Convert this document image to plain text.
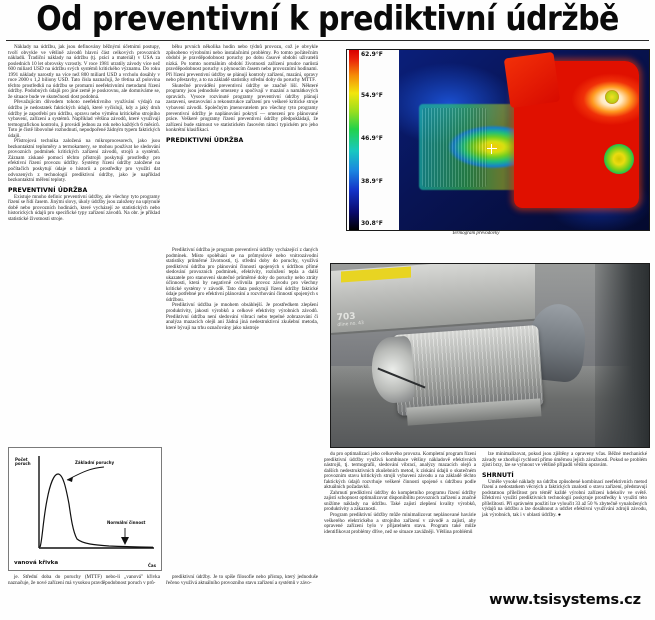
Od preventivní k prediktivní údržbě

Náklady na údržbu, jak jsou definovány běžnými účetními postupy, tvoří obvykle ve většině závodů hlavní část celkových provozních nákladů. Tradiční náklady na údržbu (tj. práci a materiál) v USA za posledních 10 let obrovsky vzrostly. V roce 1981 utratily závody více než 600 miliard USD na údržbu svých systémů kritického významu. Do roku 1991 náklady narostly na více než 800 miliard USD a vrcholu dosáhly v roce 2000 s 1,2 biliony USD. Tato čísla naznačují, že třetina až polovina těchto prostředků na údržbu se promarní neefektivními metodami řízení údržby. Podobných údajů pro jiné země je poskrovnu, ale domníváme se, že situace bude ve skutečnosti dost podobná.

Převažujícím důvodem tohoto neefektivního využívání výdajů na údržbu je nedostatek faktických údajů, které vyčíslují, kdy a jaký druh údržby je zapotřebí pro údržbu, opravu nebo výměnu kritického strojního vybavení, zařízení a systémů. Například většina závodů, které využívají termografickou kontrolu, ji provádí jednou za rok nebo každých 6 měsíců. Toto je čistě libovolné rozhodnutí, nepodpořené žádným typem faktických údajů.

Přístrojová technika založená na mikroprocesorech, jako jsou bezkontaktní teploměry a termokamery, se mohou používat ke sledování provozních podmínek kritických zařízení závodů, strojů a systémů. Záznam získané pomocí těchto přístrojů poskytují prostředky pro efektivní řízení provozu údržby. Systémy řízení údržby založené na počítačích poskytují údaje o historii a prostředky pro využití dat odvozených z technologií prediktivní údržby, jako je například bezkontaktní měření teploty.

PREVENTIVNÍ ÚDRŽBA

Existuje mnoho definic preventivní údržby, ale všechny tyto programy řízení se řídí časem. Jinými slovy, úkoly údržby jsou založeny na uplynulé době nebo provozních hodinách, které vycházejí ze statistických nebo historických údajů pro specifické typy zařízení závodů. Na obr. je příklad statistické životnosti stroje.

běhu prvních několika hodin nebo týdnů provozu, což je obvykle způsobeno výrobními nebo instalačními problémy. Po tomto počátečním období je pravděpodobnost poruchy po dobu časové období uživatelů nízká. Po tomto normálním období životnosti zařízení prudce narůstá pravděpodobnost poruchy s plynoucím časem nebo provozními hodinami. Při řízení preventivní údržby se plánují kontroly zařízení, mazání, opravy nebo přestavby, a to na základě statistiky střední doby do poruchy MTTF.

Skutečné provádění preventivní údržby se značně liší. Některé programy jsou jednoduše omezeny a spočívají v mazání a namátkových opravách. Vysoce rozvinuté programy preventivní údržby plánují zastavení, sestavování a rekonstrukce zařízení pro veškeré kritické stroje vybavení závodů. Společným jmenovatelem pro všechny tyto programy preventivní údržby je naplánování pokrytí — omezení pro plánované práce. Veškeré programy řízení preventivní údržby předpokládají, že zařízení bude stárnout ve statistickém časovém rámci typickém pro jeho konkrétní klasifikaci.

PREDIKTIVNÍ ÚDRŽBA

Prediktivní údržba je program preventivní údržby vycházející z daných podmínek. Místo spoléhání se na průmyslové nebo vnitrozávodní statistiky průměrné životnosti, tj. střední doby do poruchy, využívá prediktivní údržba pro plánování činností spojených s údržbou přímé sledování provozních podmínek, efektivity, rozložení tepla a další ukazatele pro stanovení skutečné průměrné doby do poruchy nebo ztráty účinnosti, která by negativně ovlivnila provoz závodu pro všechny kritické systémy v závodě. Tato data poskytují řízení údržby faktické údaje potřebné pro efektivní plánování a rozvrhování činností spojených s údržbou.

Prediktivní údržba je mnohem obsáhlejší. Je prostředkem zlepšení produktivity, jakosti výrobků a celkové efektivity výrobních závodů. Prediktivní údržba není sledování vibrací nebo tepelné zobrazování či analýza mazacích olejů ani žádná jiná nedestruktivní zkušební metoda, které bývají na trhu označovány jako nástroje

62.9°F
54.9°F
46.9°F
38.9°F
30.8°F
Termogram převodovky
703
dline no. 43

du pro optimalizaci jeho celkového provozu. Kompletní program řízení prediktivní údržby využívá kombinace většiny nákladově efektivních nástrojů, tj. termografii, sledování vibrací, analýzy mazacích olejů a dalších nedestruktivních zkušebních metod, k získání údajů o skutečném provozním stavu kritických strojů vybavení závodu a na základě těchto faktických údajů rozvrhuje veškeré činnosti spojené s údržbou podle aktuálních požadavků.

Zahrnutí prediktivní údržby do kompletního programu řízení údržby zajistí schopnost optimalizovat disponibilitu provozních zařízení a značně snížíme náklady na údržbu. Také zajistí zlepšení kvality výrobků, produktivity a zákaznosti.

Program prediktivní údržby může minimalizovat neplánované havárie veškerého elektrického a strojního zařízení v závodě a zajistí, aby opravené zařízení bylo v přijatelném stavu. Program také může identifikovat problémy dříve, než se situace zavážněji. Většina problémů

lze minimalizovat, pokud jsou zjištěny a opraveny včas. Běžné mechanické závady se zhoršují rychlostí přímo úměrnou jejich závažnosti. Pokud se problém zjistí brzy, lze se vyhnout ve většině případů větším opravám.

SHRNUTÍ

Uměle vysoké náklady na údržbu způsobené kombinací neefektivních metod řízení a nedostatkem věcných a faktických znalostí o stavu zařízení, představují podstatnou příležitost pro téměř každé výrobní zařízení kdekoliv ve světě. Efektivní využití prediktivních technologií poskytuje prostředky k využití této příležitosti. Při správném použití lze vyloučit 33 až 50 % zbytečně vynaložených výdajů na údržbu a lze dosáhnout a udržet efektivní využívání zdrojů závodu, jak výrobních, tak i v oblasti údržby. ●

Počet poruch	Základní poruchy
Normální činnost
Čas
vanová křivka

je. Střední doba do poruchy (MTTF) nebo-li „vanová" křivka naznačuje, že nové zařízení má vysokou pravděpodobnost poruch v prů-

prediktivní údržby. Je to spíše filosofie nebo přístup, který jednoduše řečeno využívá aktuálního provozního stavu zařízení a systémů v závo-

www.tsisystems.cz
